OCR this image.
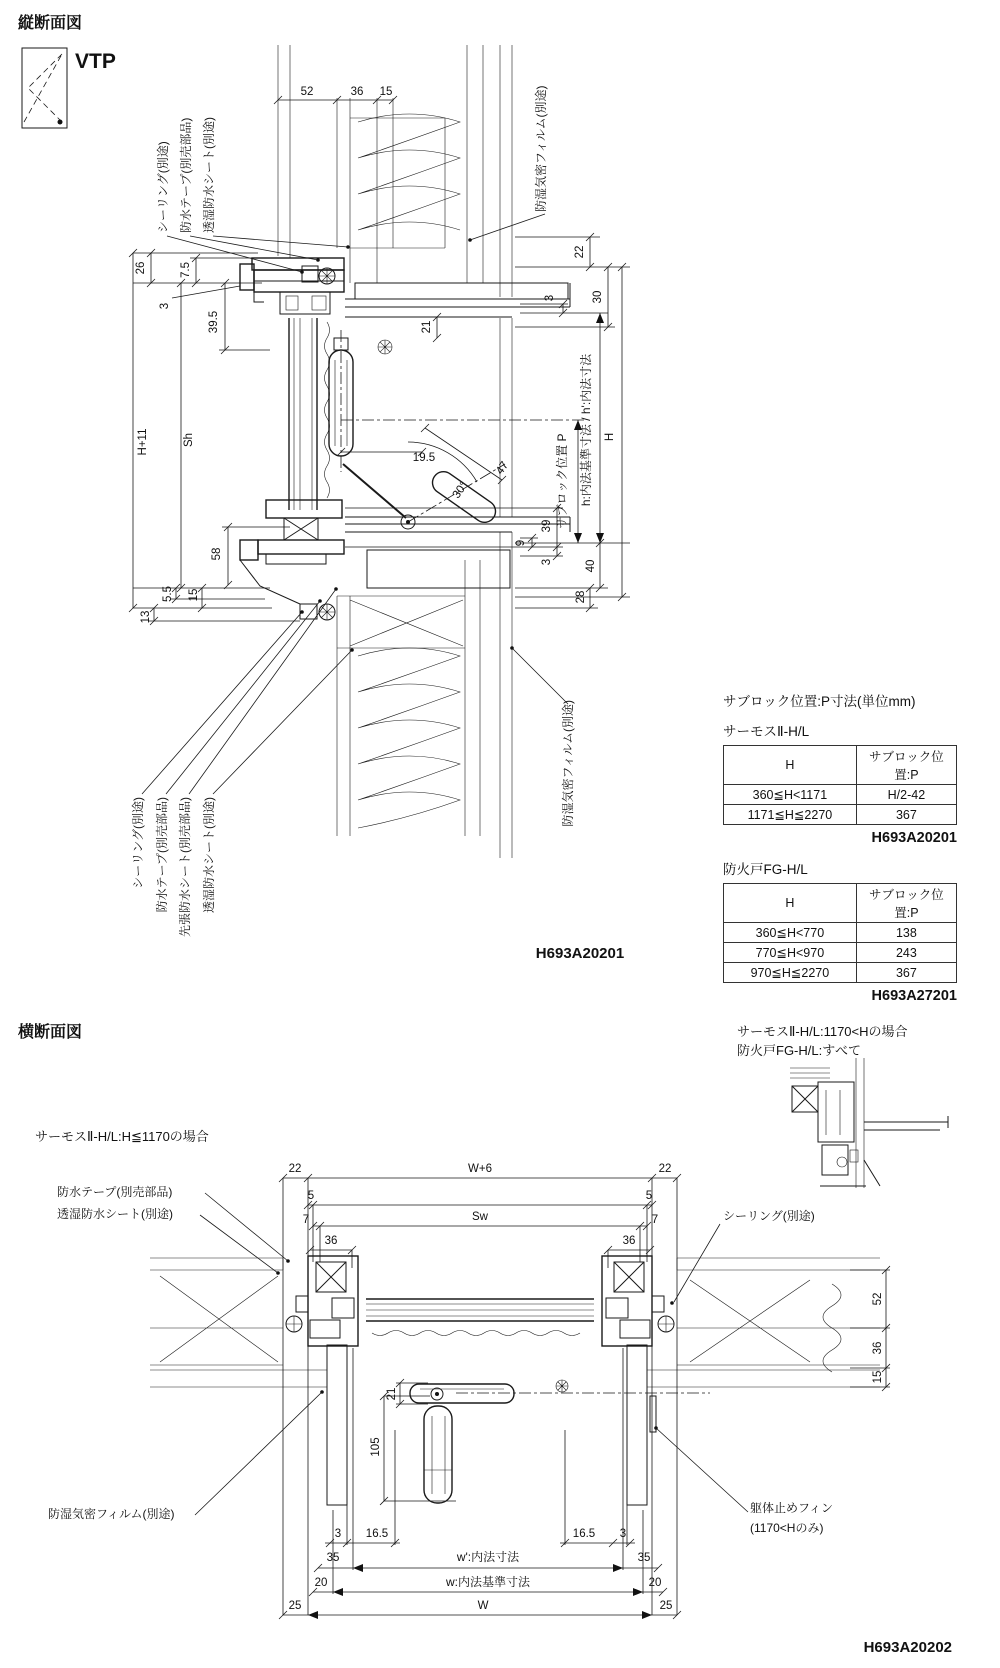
縦断面図
VTP
H693A20201
シーリング(別途) 防水テープ(別売部品) 透湿防水シート(別途)	防湿気密フィルム(別途)
シーリング(別途) 防水テープ(別売部品) 先張防水シート(別売部品) 透湿防水シート(別途)
防湿気密フィルム(別途)
52	36 15
26	7.5
3
39.5
H+11	Sh
58
5.5 15
13
21
19.5
47
30°
22
30
3
39
9
3	40
28
H
サブロック位置 P h:内法基準寸法 / h':内法寸法
横断面図	サーモスⅡ-H/L:1170<Hの場合
防火戸FG-H/L:すべて
サーモスⅡ-H/L:H≦1170の場合
H693A20202
防水テープ(別売部品)
透湿防水シート(別途)	シーリング(別途)
躯体止めフィン
(1170<Hのみ)
防湿気密フィルム(別途)
22	W+6	22
5	5
Sw
7	7
36	36
52
36
15
21
105
3 16.5	16.5 3
35	w':内法寸法	35
20	w:内法基準寸法	20
25	W	25
サブロック位置:P寸法(単位mm)
サーモスⅡ-H/L
H	サブロック位置:P
360≦H<1171	H/2-42
1171≦H≦2270	367
H693A20201
防火戸FG-H/L
H	サブロック位置:P
360≦H<770	138
770≦H<970	243
970≦H≦2270	367
H693A27201
